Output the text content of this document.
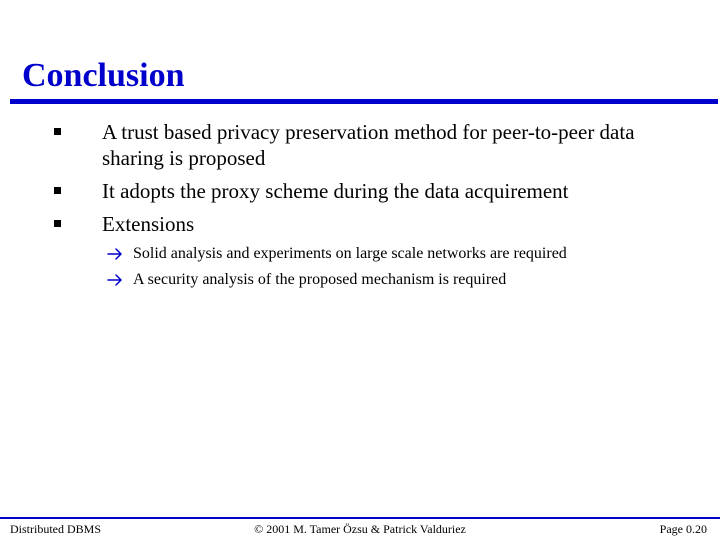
Conclusion
A trust based privacy preservation method for peer-to-peer data sharing is proposed
It adopts the proxy scheme during the data acquirement
Extensions
Solid analysis and experiments on large scale networks are required
A security analysis of the proposed mechanism is required
Distributed DBMS	© 2001 M. Tamer Özsu & Patrick Valduriez	Page 0.20
